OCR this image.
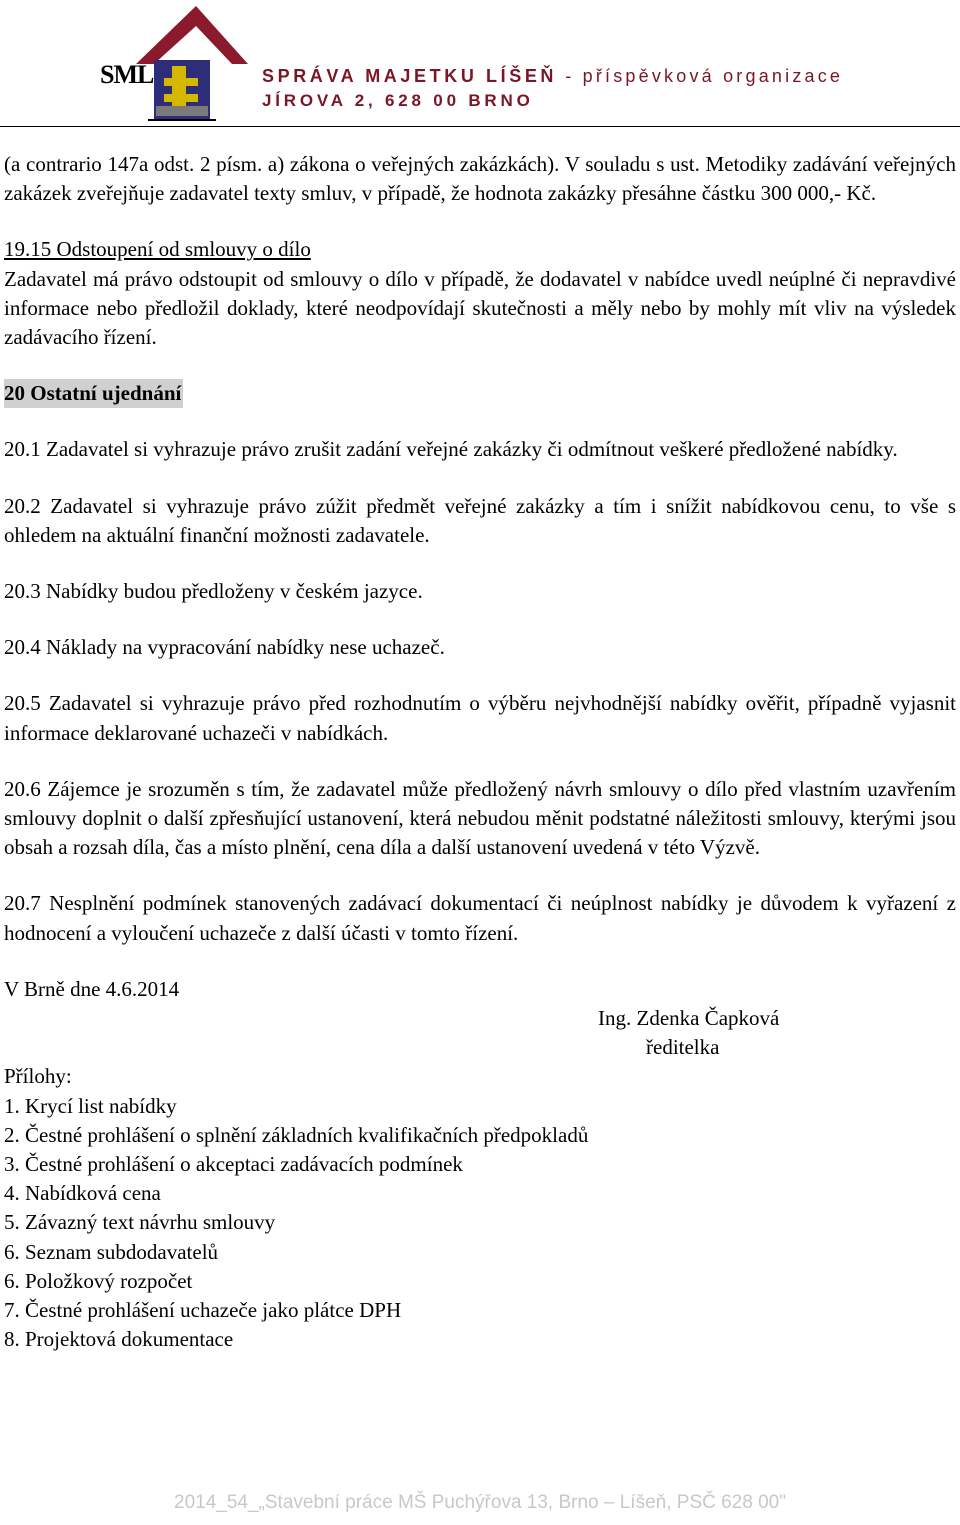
SML	SPRÁVA MAJETKU LÍŠEŇ - příspěvková organizace
JÍROVA 2, 628 00 BRNO

(a contrario 147a odst. 2 písm. a) zákona o veřejných zakázkách). V souladu s ust. Metodiky zadávání veřejných zakázek zveřejňuje zadavatel texty smluv, v případě, že hodnota zakázky přesáhne částku 300 000,- Kč.

19.15 Odstoupení od smlouvy o dílo

Zadavatel má právo odstoupit od smlouvy o dílo v případě, že dodavatel v nabídce uvedl neúplné či nepravdivé informace nebo předložil doklady, které neodpovídají skutečnosti a měly nebo by mohly mít vliv na výsledek zadávacího řízení.

20 Ostatní ujednání

20.1 Zadavatel si vyhrazuje právo zrušit zadání veřejné zakázky či odmítnout veškeré předložené nabídky.

20.2 Zadavatel si vyhrazuje právo zúžit předmět veřejné zakázky a tím i snížit nabídkovou cenu, to vše s ohledem na aktuální finanční možnosti zadavatele.

20.3 Nabídky budou předloženy v českém jazyce.

20.4 Náklady na vypracování nabídky nese uchazeč.

20.5 Zadavatel si vyhrazuje právo před rozhodnutím o výběru nejvhodnější nabídky ověřit, případně vyjasnit informace deklarované uchazeči v nabídkách.

20.6 Zájemce je srozuměn s tím, že zadavatel může předložený návrh smlouvy o dílo před vlastním uzavřením smlouvy doplnit o další zpřesňující ustanovení, která nebudou měnit podstatné náležitosti smlouvy, kterými jsou obsah a rozsah díla, čas a místo plnění, cena díla a další ustanovení uvedená v této Výzvě.

20.7 Nesplnění podmínek stanovených zadávací dokumentací či neúplnost nabídky je důvodem k vyřazení z hodnocení a vyloučení uchazeče z další účasti v tomto řízení.

V Brně dne 4.6.2014

Ing. Zdenka Čapková
ředitelka

Přílohy:

1. Krycí list nabídky

2. Čestné prohlášení o splnění základních kvalifikačních předpokladů

3. Čestné prohlášení o akceptaci zadávacích podmínek

4. Nabídková cena

5. Závazný text návrhu smlouvy

6. Seznam subdodavatelů

6. Položkový rozpočet

7. Čestné prohlášení uchazeče jako plátce DPH

8. Projektová dokumentace

2014_54_„Stavební práce MŠ Puchýřova 13, Brno – Líšeň, PSČ 628 00"
